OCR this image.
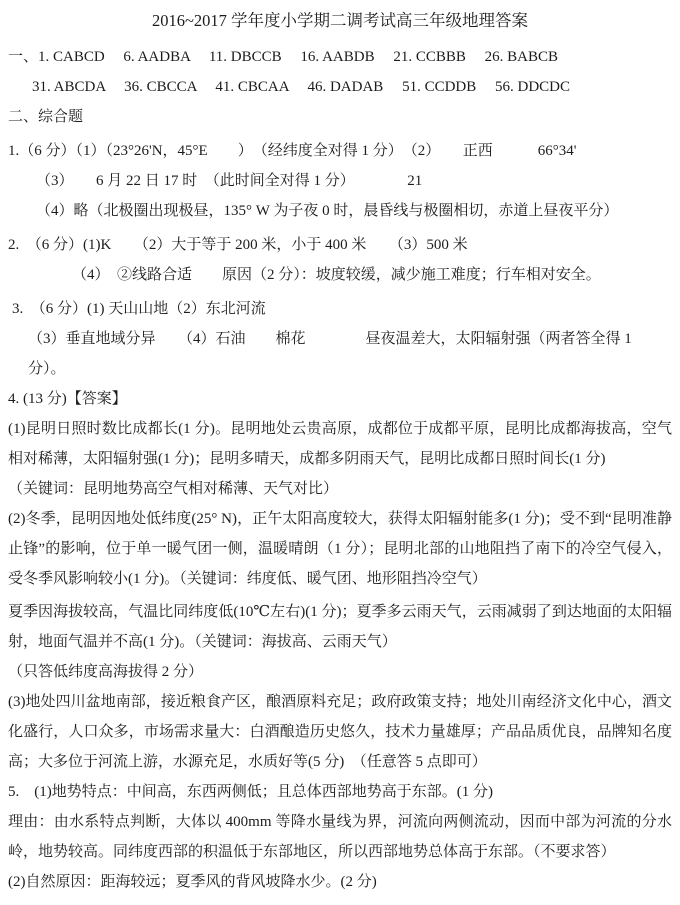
2016~2017 学年度小学期二调考试高三年级地理答案

一、1. CABCD     6. AADBA     11. DBCCB     16. AABDB     21. CCBBB     26. BABCB

31. ABCDA     36. CBCCA     41. CBCAA     46. DADAB     51. CCDDB     56. DDCDC

二、综合题

1.（6 分）（1）（23°26'N，45°E　　）　（经纬度全对得 1 分）　（2）　　正西　　　66°34'

（3）　　6 月 22 日 17 时　（此时间全对得 1 分）　　　　21

（4）略（北极圈出现极昼，135° W 为子夜 0 时，晨昏线与极圈相切，赤道上昼夜平分）

2.　（6 分）(1)K　　（2）大于等于 200 米，小于 400 米　　（3）500 米

（4）　②线路合适　　原因（2 分）：坡度较缓，减少施工难度；行车相对安全。

3.　（6 分）(1) 天山山地（2）东北河流

（3）垂直地域分异　　（4）石油　　棉花　　　　昼夜温差大，太阳辐射强（两者答全得 1 分）。

4. (13 分)【答案】

(1)昆明日照时数比成都长(1 分)。昆明地处云贵高原，成都位于成都平原，昆明比成都海拔高，空气相对稀薄，太阳辐射强(1 分)；昆明多晴天，成都多阴雨天气，昆明比成都日照时间长(1 分)

（关键词：昆明地势高空气相对稀薄、天气对比）

(2)冬季，昆明因地处低纬度(25° N)，正午太阳高度较大，获得太阳辐射能多(1 分)；受不到“昆明准静止锋”的影响，位于单一暖气团一侧，温暖晴朗（1 分）；昆明北部的山地阻挡了南下的冷空气侵入，受冬季风影响较小(1 分)。（关键词：纬度低、暖气团、地形阻挡冷空气）

夏季因海拔较高，气温比同纬度低(10℃左右)(1 分)；夏季多云雨天气，云雨减弱了到达地面的太阳辐射，地面气温并不高(1 分)。（关键词：海拔高、云雨天气）

（只答低纬度高海拔得 2 分）

(3)地处四川盆地南部，接近粮食产区，酿酒原料充足；政府政策支持；地处川南经济文化中心，酒文化盛行，人口众多，市场需求量大：白酒酿造历史悠久，技术力量雄厚；产品品质优良，品牌知名度高；大多位于河流上游，水源充足，水质好等(5 分)　（任意答 5 点即可）

5.　(1)地势特点：中间高，东西两侧低；且总体西部地势高于东部。(1 分)

理由：由水系特点判断，大体以 400mm 等降水量线为界，河流向两侧流动，因而中部为河流的分水岭，地势较高。同纬度西部的积温低于东部地区，所以西部地势总体高于东部。（不要求答）

(2)自然原因：距海较远；夏季风的背风坡降水少。(2 分)
